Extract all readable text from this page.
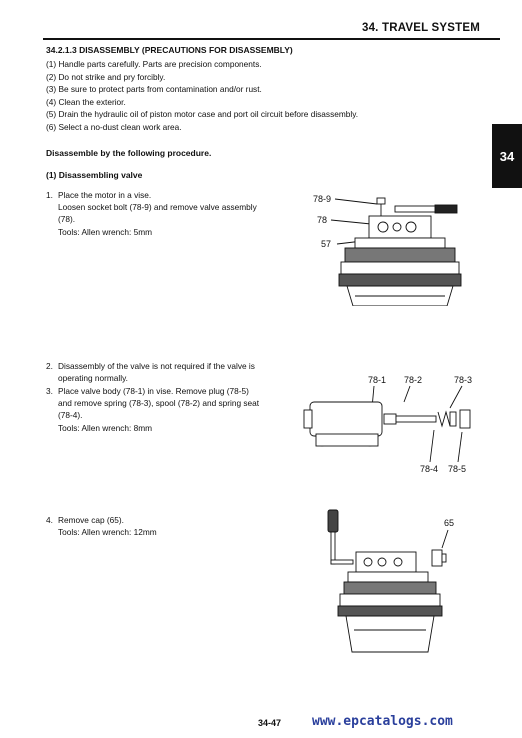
34. TRAVEL SYSTEM
34
34.2.1.3 DISASSEMBLY (PRECAUTIONS FOR DISASSEMBLY)
(1) Handle parts carefully. Parts are precision components.
(2) Do not strike and pry forcibly.
(3) Be sure to protect parts from contamination and/or rust.
(4) Clean the exterior.
(5) Drain the hydraulic oil of piston motor case and port oil circuit before disassembly.
(6) Select a no-dust clean work area.
Disassemble by the following procedure.
(1) Disassembling valve
1. Place the motor in a vise.
Loosen socket bolt (78-9) and remove valve assembly
(78).
Tools: Allen wrench: 5mm
2. Disassembly of the valve is not required if the valve is
operating normally.
3. Place valve body (78-1) in vise. Remove plug (78-5)
and remove spring (78-3), spool (78-2) and spring seat
(78-4).
Tools: Allen wrench: 8mm
4. Remove cap (65).
Tools: Allen wrench: 12mm
78-9
78
57
78-1 78-2	78-3
78-4 78-5
65
34-47 www.epcatalogs.com
